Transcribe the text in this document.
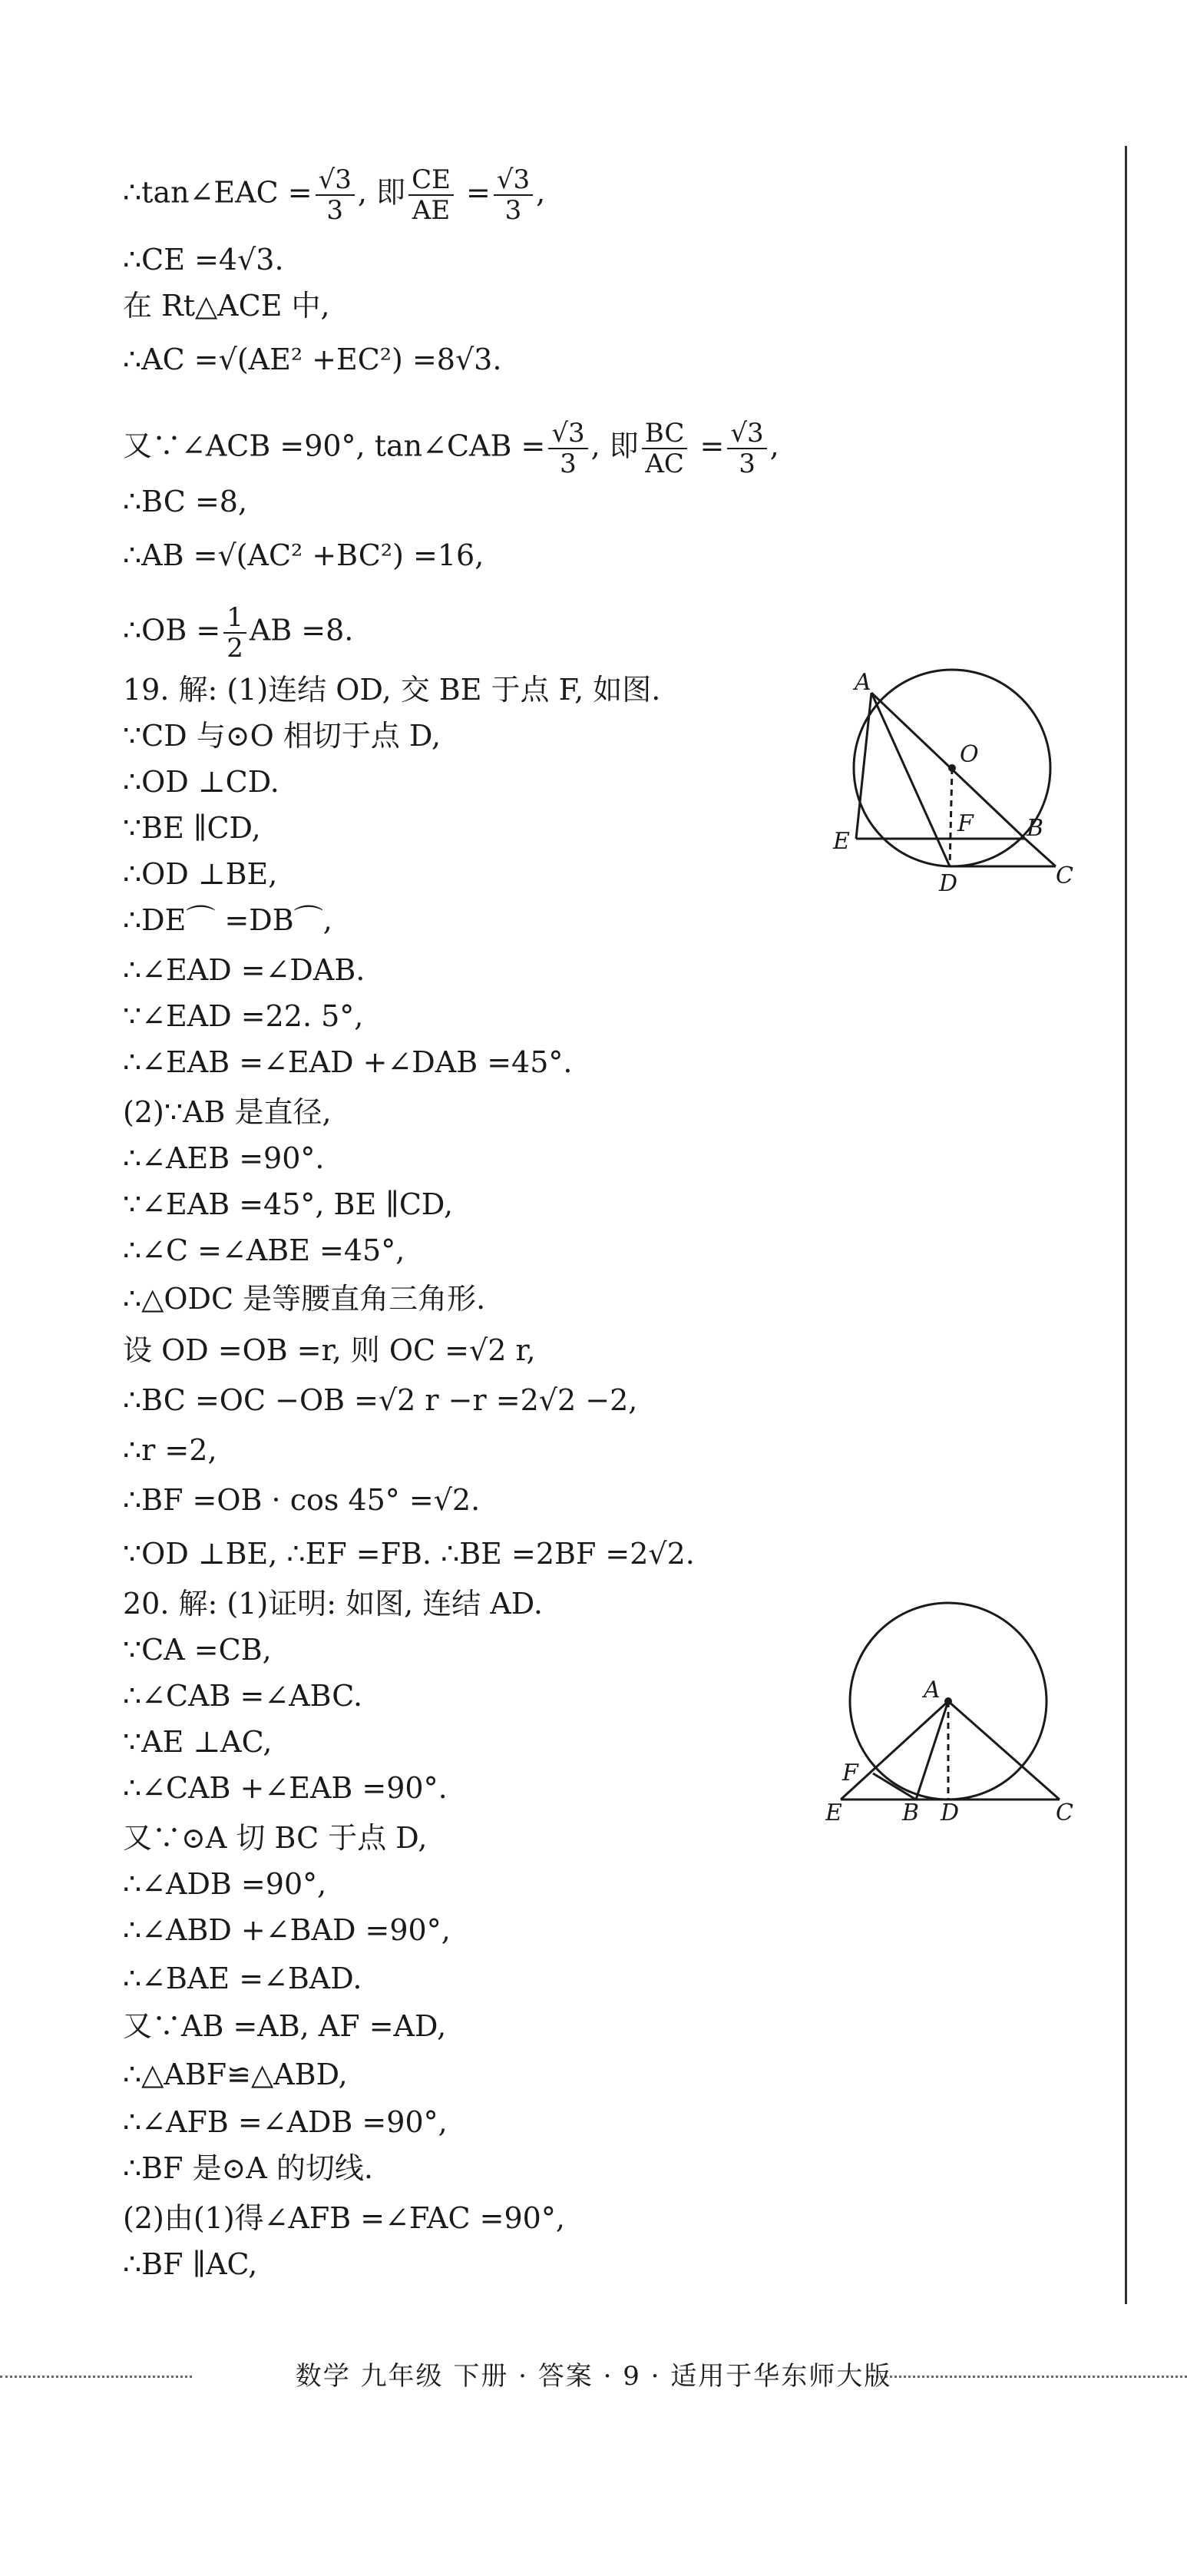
∴tan∠EAC = $\frac{√3}{3}$ , 即 $\frac{CE}{AE} = \frac{√3}{3}$ ,
∴CE =4√3.
在 Rt△ACE 中,
∴AC =√(AE² +EC²) =8√3.
又∵∠ACB =90°, tan∠CAB = $\frac{√3}{3}$ , 即 $\frac{BC}{AC} = \frac{√3}{3}$ ,
∴BC =8,
∴AB =√(AC² +BC²) =16,
∴OB = $\frac{1}{2}$ AB =8.
19. 解: (1)连结 OD, 交 BE 于点 F, 如图.
∵CD 与⊙O 相切于点 D,
∴OD ⊥CD.
∵BE ∥CD,
∴OD ⊥BE,
∴DE⌒ =DB⌒,
∴∠EAD =∠DAB.
∵∠EAD =22. 5°,
∴∠EAB =∠EAD +∠DAB =45°.
(2)∵AB 是直径,
∴∠AEB =90°.
∵∠EAB =45°, BE ∥CD,
∴∠C =∠ABE =45°,
∴△ODC 是等腰直角三角形.
设 OD =OB =r, 则 OC =√2 r,
∴BC =OC −OB =√2 r −r =2√2 −2,
∴r =2,
∴BF =OB · cos 45° =√2.
∵OD ⊥BE, ∴EF =FB. ∴BE =2BF =2√2.
20. 解: (1)证明: 如图, 连结 AD.
∵CA =CB,
∴∠CAB =∠ABC.
∵AE ⊥AC,
∴∠CAB +∠EAB =90°.
又∵⊙A 切 BC 于点 D,
∴∠ADB =90°,
∴∠ABD +∠BAD =90°,
∴∠BAE =∠BAD.
又∵AB =AB, AF =AD,
∴△ABF≌△ABD,
∴∠AFB =∠ADB =90°,
∴BF 是⊙A 的切线.
(2)由(1)得∠AFB =∠FAC =90°,
∴BF ∥AC,
A
O
F B
E
D	C
A
F
E	B D	C
数学 九年级 下册 · 答案 · 9 · 适用于华东师大版
